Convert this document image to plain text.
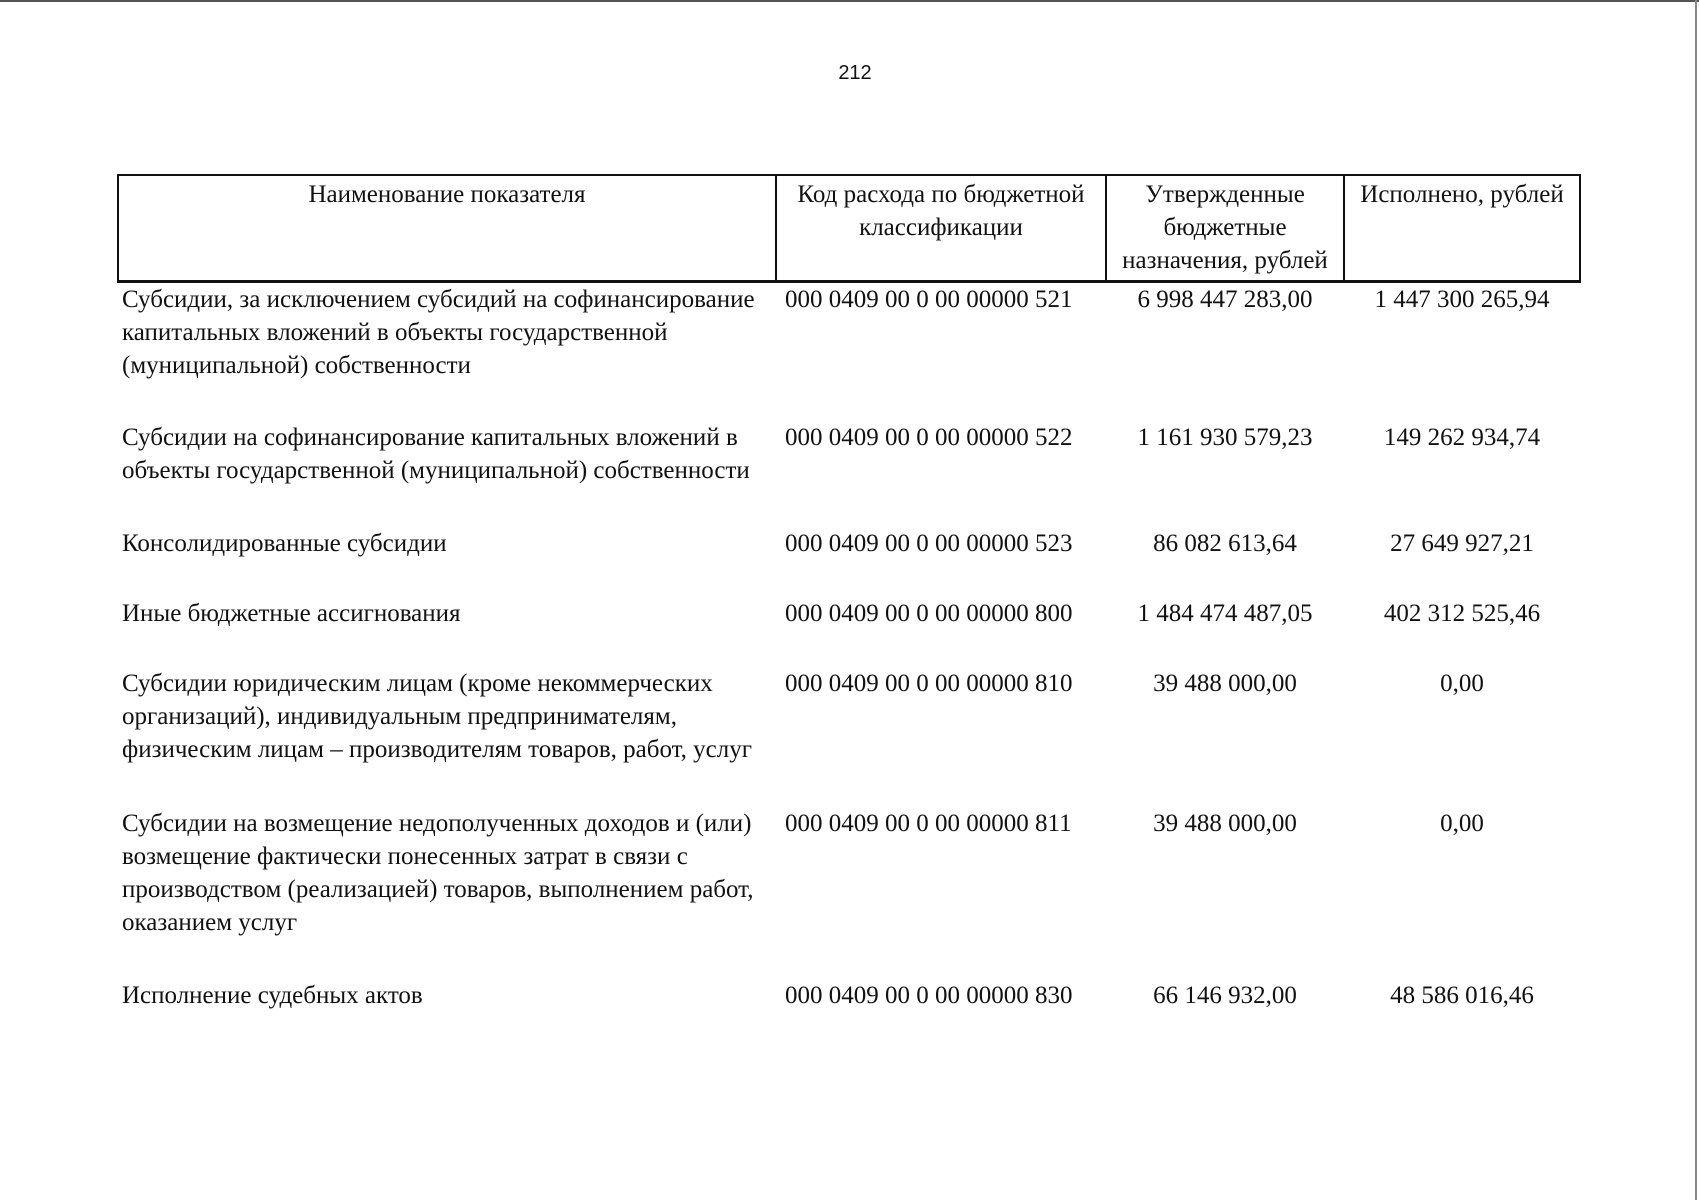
212
Наименование показателя	Код расхода по бюджетной классификации	Утвержденные бюджетные назначения, рублей	Исполнено, рублей
Субсидии, за исключением субсидий на софинансирование капитальных вложений в объекты государственной (муниципальной) собственности	000 0409 00 0 00 00000 521	6 998 447 283,00	1 447 300 265,94
Субсидии на софинансирование капитальных вложений в объекты государственной (муниципальной) собственности	000 0409 00 0 00 00000 522	1 161 930 579,23	149 262 934,74
Консолидированные субсидии	000 0409 00 0 00 00000 523	86 082 613,64	27 649 927,21
Иные бюджетные ассигнования	000 0409 00 0 00 00000 800	1 484 474 487,05	402 312 525,46
Субсидии юридическим лицам (кроме некоммерческих организаций), индивидуальным предпринимателям, физическим лицам – производителям товаров, работ, услуг	000 0409 00 0 00 00000 810	39 488 000,00	0,00
Субсидии на возмещение недополученных доходов и (или) возмещение фактически понесенных затрат в связи с производством (реализацией) товаров, выполнением работ, оказанием услуг	000 0409 00 0 00 00000 811	39 488 000,00	0,00
Исполнение судебных актов	000 0409 00 0 00 00000 830	66 146 932,00	48 586 016,46
